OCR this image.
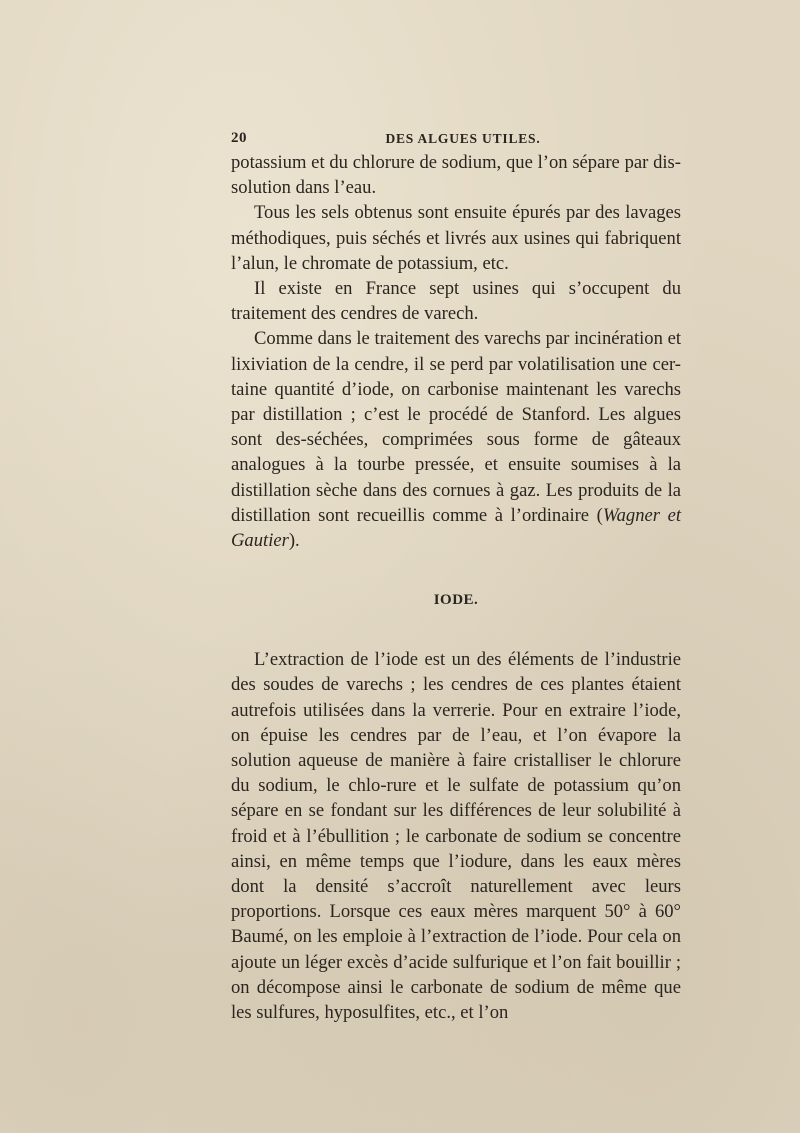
20	DES ALGUES UTILES.

potassium et du chlorure de sodium, que l’on sépare par dis-solution dans l’eau.

Tous les sels obtenus sont ensuite épurés par des lavages méthodiques, puis séchés et livrés aux usines qui fabriquent l’alun, le chromate de potassium, etc.

Il existe en France sept usines qui s’occupent du traitement des cendres de varech.

Comme dans le traitement des varechs par incinération et lixiviation de la cendre, il se perd par volatilisation une cer-taine quantité d’iode, on carbonise maintenant les varechs par distillation ; c’est le procédé de Stanford. Les algues sont des-séchées, comprimées sous forme de gâteaux analogues à la tourbe pressée, et ensuite soumises à la distillation sèche dans des cornues à gaz. Les produits de la distillation sont recueillis comme à l’ordinaire (Wagner et Gautier).

IODE.

L’extraction de l’iode est un des éléments de l’industrie des soudes de varechs ; les cendres de ces plantes étaient autrefois utilisées dans la verrerie. Pour en extraire l’iode, on épuise les cendres par de l’eau, et l’on évapore la solution aqueuse de manière à faire cristalliser le chlorure du sodium, le chlo-rure et le sulfate de potassium qu’on sépare en se fondant sur les différences de leur solubilité à froid et à l’ébullition ; le carbonate de sodium se concentre ainsi, en même temps que l’iodure, dans les eaux mères dont la densité s’accroît naturellement avec leurs proportions. Lorsque ces eaux mères marquent 50° à 60° Baumé, on les emploie à l’extraction de l’iode. Pour cela on ajoute un léger excès d’acide sulfurique et l’on fait bouillir ; on décompose ainsi le carbonate de sodium de même que les sulfures, hyposulfites, etc., et l’on
